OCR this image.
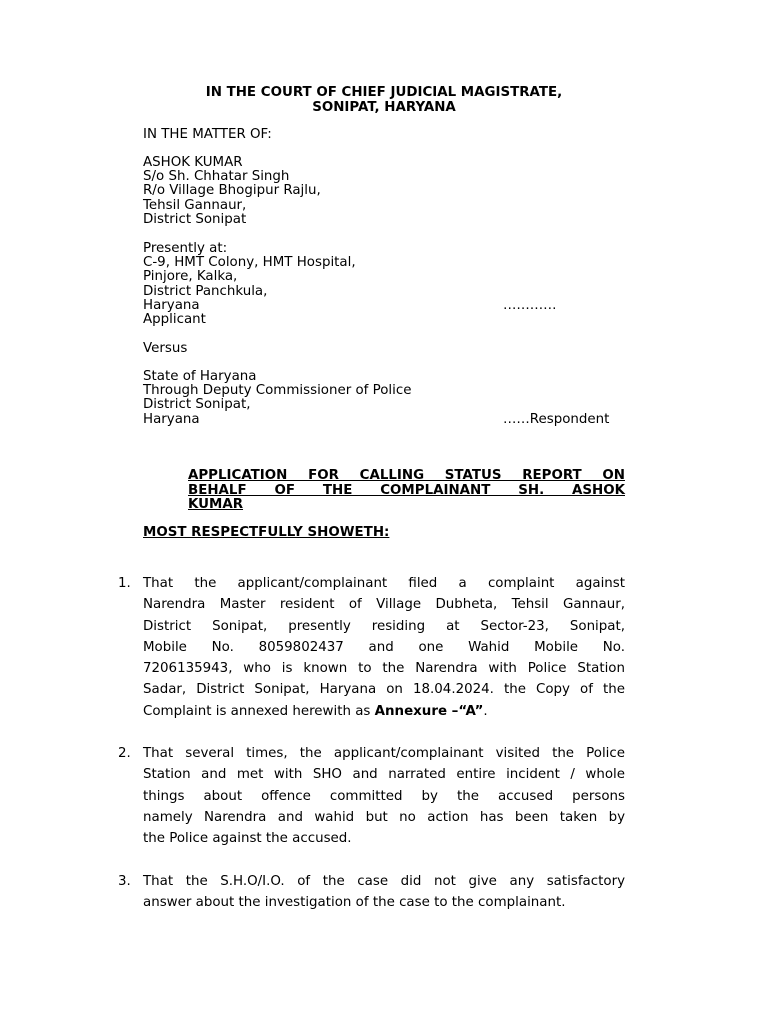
IN THE COURT OF CHIEF JUDICIAL MAGISTRATE,
SONIPAT, HARYANA
IN THE MATTER OF:
ASHOK KUMAR
S/o Sh. Chhatar Singh
R/o Village Bhogipur Rajlu,
Tehsil Gannaur,
District Sonipat
Presently at:
C-9, HMT Colony, HMT Hospital,
Pinjore, Kalka,
District Panchkula,
Haryana
Applicant
…………
Versus
State of Haryana
Through Deputy Commissioner of Police
District Sonipat,
Haryana	……Respondent
APPLICATION FOR CALLING STATUS REPORT ON
BEHALF OF THE COMPLAINANT SH. ASHOK
KUMAR
MOST RESPECTFULLY SHOWETH:
1. That the applicant/complainant filed a complaint against
Narendra Master resident of Village Dubheta, Tehsil Gannaur,
District Sonipat, presently residing at Sector-23, Sonipat,
Mobile No. 8059802437 and one Wahid Mobile No.
7206135943, who is known to the Narendra with Police Station
Sadar, District Sonipat, Haryana on 18.04.2024. the Copy of the
Complaint is annexed herewith as Annexure –“A”.
2. That several times, the applicant/complainant visited the Police
Station and met with SHO and narrated entire incident / whole
things about offence committed by the accused persons
namely Narendra and wahid but no action has been taken by
the Police against the accused.
3. That the S.H.O/I.O. of the case did not give any satisfactory
answer about the investigation of the case to the complainant.
